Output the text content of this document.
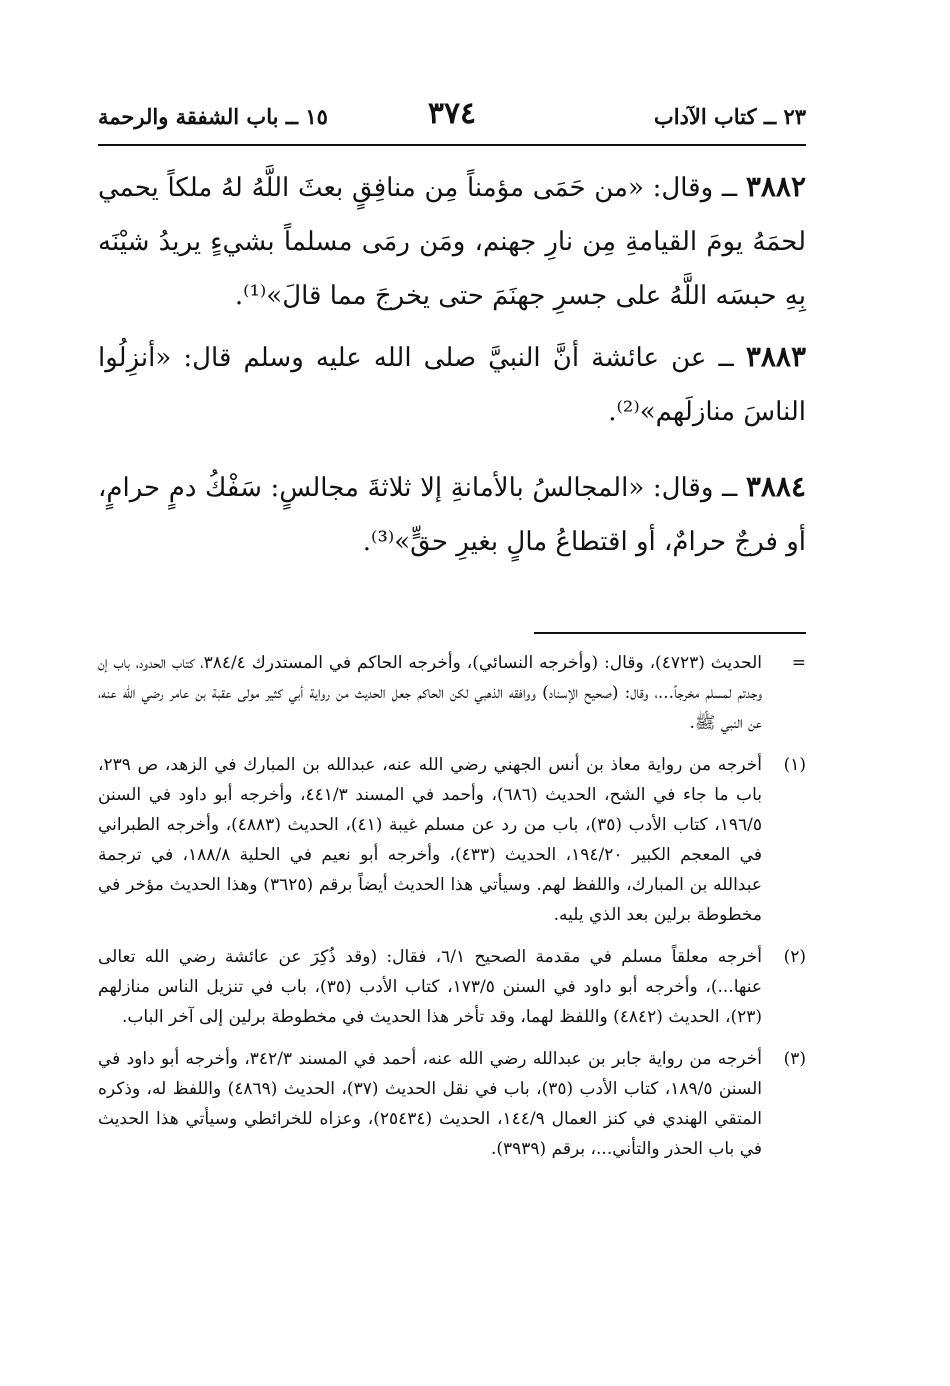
٢٣ ــ كتاب الآداب
٣٧٤
١٥ ــ باب الشفقة والرحمة
٣٨٨٢ ــ وقال: «من حَمَى مؤمناً مِن منافِقٍ بعثَ اللَّهُ لهُ ملكاً يحمي لحمَهُ يومَ القيامةِ مِن نارِ جهنم، ومَن رمَى مسلماً بشيءٍ يريدُ شيْنَه بِهِ حبسَه اللَّهُ على جسرِ جهنَمَ حتى يخرجَ مما قالَ»⁽¹⁾.
٣٨٨٣ ــ عن عائشة أنَّ النبيَّ صلى الله عليه وسلم قال: «أنزِلُوا الناسَ منازلَهم»⁽²⁾.
٣٨٨٤ ــ وقال: «المجالسُ بالأمانةِ إلا ثلاثةَ مجالسٍ: سَفْكُ دمٍ حرامٍ، أو فرجٌ حرامٌ، أو اقتطاعُ مالٍ بغيرِ حقٍّ»⁽³⁾.
=
الحديث (٤٧٢٣)، وقال: (وأخرجه النسائي)، وأخرجه الحاكم في المستدرك ٣٨٤/٤، كتاب الحدود، باب إن وجدتم لمسلم مخرجاً...، وقال: (صحيح الإسناد) ووافقه الذهبي لكن الحاكم جعل الحديث من رواية أبي كثير مولى عقبة بن عامر رضي الله عنه، عن النبي ﷺ.
(١)
أخرجه من رواية معاذ بن أنس الجهني رضي الله عنه، عبدالله بن المبارك في الزهد، ص ٢٣٩، باب ما جاء في الشح، الحديث (٦٨٦)، وأحمد في المسند ٤٤١/٣، وأخرجه أبو داود في السنن ١٩٦/٥، كتاب الأدب (٣٥)، باب من رد عن مسلم غيبة (٤١)، الحديث (٤٨٨٣)، وأخرجه الطبراني في المعجم الكبير ١٩٤/٢٠، الحديث (٤٣٣)، وأخرجه أبو نعيم في الحلية ١٨٨/٨، في ترجمة عبدالله بن المبارك، واللفظ لهم. وسيأتي هذا الحديث أيضاً برقم (٣٦٢٥) وهذا الحديث مؤخر في مخطوطة برلين بعد الذي يليه.
(٢)
أخرجه معلقاً مسلم في مقدمة الصحيح ٦/١، فقال: (وقد ذُكِرَ عن عائشة رضي الله تعالى عنها...)، وأخرجه أبو داود في السنن ١٧٣/٥، كتاب الأدب (٣٥)، باب في تنزيل الناس منازلهم (٢٣)، الحديث (٤٨٤٢) واللفظ لهما، وقد تأخر هذا الحديث في مخطوطة برلين إلى آخر الباب.
(٣)
أخرجه من رواية جابر بن عبدالله رضي الله عنه، أحمد في المسند ٣٤٢/٣، وأخرجه أبو داود في السنن ١٨٩/٥، كتاب الأدب (٣٥)، باب في نقل الحديث (٣٧)، الحديث (٤٨٦٩) واللفظ له، وذكره المتقي الهندي في كنز العمال ١٤٤/٩، الحديث (٢٥٤٣٤)، وعزاه للخرائطي وسيأتي هذا الحديث في باب الحذر والتأني...، برقم (٣٩٣٩).
